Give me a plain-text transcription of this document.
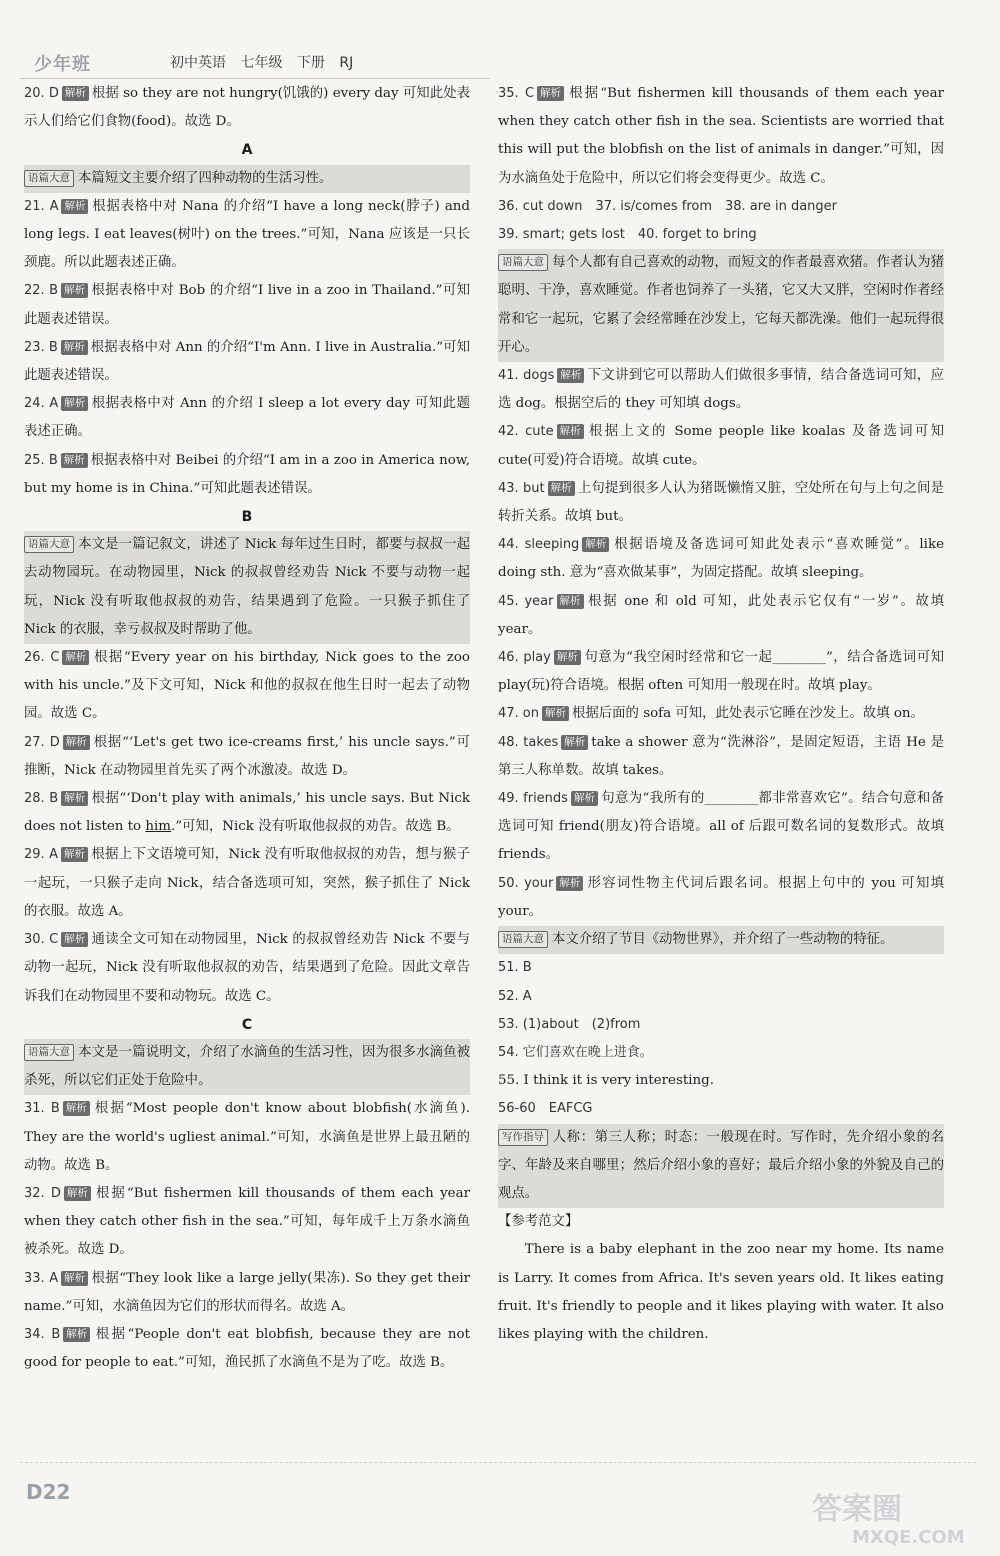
少年班	初中英语 七年级 下册 RJ

20. D 解析 根据 so they are not hungry(饥饿的) every day 可知此处表示人们给它们食物(food)。故选 D。

A

语篇大意 本篇短文主要介绍了四种动物的生活习性。

21. A 解析 根据表格中对 Nana 的介绍“I have a long neck(脖子) and long legs. I eat leaves(树叶) on the trees.”可知，Nana 应该是一只长颈鹿。所以此题表述正确。

22. B 解析 根据表格中对 Bob 的介绍“I live in a zoo in Thailand.”可知此题表述错误。

23. B 解析 根据表格中对 Ann 的介绍“I'm Ann. I live in Australia.”可知此题表述错误。

24. A 解析 根据表格中对 Ann 的介绍 I sleep a lot every day 可知此题表述正确。

25. B 解析 根据表格中对 Beibei 的介绍“I am in a zoo in America now, but my home is in China.”可知此题表述错误。

B

语篇大意 本文是一篇记叙文，讲述了 Nick 每年过生日时，都要与叔叔一起去动物园玩。在动物园里，Nick 的叔叔曾经劝告 Nick 不要与动物一起玩，Nick 没有听取他叔叔的劝告，结果遇到了危险。一只猴子抓住了 Nick 的衣服，幸亏叔叔及时帮助了他。

26. C 解析 根据“Every year on his birthday, Nick goes to the zoo with his uncle.”及下文可知，Nick 和他的叔叔在他生日时一起去了动物园。故选 C。

27. D 解析 根据“‘Let's get two ice-creams first,’ his uncle says.”可推断，Nick 在动物园里首先买了两个冰激凌。故选 D。

28. B 解析 根据“‘Don't play with animals,’ his uncle says. But Nick does not listen to him.”可知，Nick 没有听取他叔叔的劝告。故选 B。

29. A 解析 根据上下文语境可知，Nick 没有听取他叔叔的劝告，想与猴子一起玩，一只猴子走向 Nick，结合备选项可知，突然，猴子抓住了 Nick 的衣服。故选 A。

30. C 解析 通读全文可知在动物园里，Nick 的叔叔曾经劝告 Nick 不要与动物一起玩，Nick 没有听取他叔叔的劝告，结果遇到了危险。因此文章告诉我们在动物园里不要和动物玩。故选 C。

C

语篇大意 本文是一篇说明文，介绍了水滴鱼的生活习性，因为很多水滴鱼被杀死，所以它们正处于危险中。

31. B 解析 根据“Most people don't know about blobfish(水滴鱼). They are the world's ugliest animal.”可知，水滴鱼是世界上最丑陋的动物。故选 B。

32. D 解析 根据“But fishermen kill thousands of them each year when they catch other fish in the sea.”可知，每年成千上万条水滴鱼被杀死。故选 D。

33. A 解析 根据“They look like a large jelly(果冻). So they get their name.”可知，水滴鱼因为它们的形状而得名。故选 A。

34. B 解析 根据“People don't eat blobfish, because they are not good for people to eat.”可知，渔民抓了水滴鱼不是为了吃。故选 B。

35. C 解析 根据“But fishermen kill thousands of them each year when they catch other fish in the sea. Scientists are worried that this will put the blobfish on the list of animals in danger.”可知，因为水滴鱼处于危险中，所以它们将会变得更少。故选 C。

36. cut down　37. is/comes from　38. are in danger

39. smart; gets lost　40. forget to bring

语篇大意 每个人都有自己喜欢的动物，而短文的作者最喜欢猪。作者认为猪聪明、干净，喜欢睡觉。作者也饲养了一头猪，它又大又胖，空闲时作者经常和它一起玩，它累了会经常睡在沙发上，它每天都洗澡。他们一起玩得很开心。

41. dogs 解析 下文讲到它可以帮助人们做很多事情，结合备选词可知，应选 dog。根据空后的 they 可知填 dogs。

42. cute 解析 根据上文的 Some people like koalas 及备选词可知 cute(可爱)符合语境。故填 cute。

43. but 解析 上句提到很多人认为猪既懒惰又脏，空处所在句与上句之间是转折关系。故填 but。

44. sleeping 解析 根据语境及备选词可知此处表示“喜欢睡觉”。like doing sth. 意为“喜欢做某事”，为固定搭配。故填 sleeping。

45. year 解析 根据 one 和 old 可知，此处表示它仅有“一岁”。故填 year。

46. play 解析 句意为“我空闲时经常和它一起________”，结合备选词可知 play(玩)符合语境。根据 often 可知用一般现在时。故填 play。

47. on 解析 根据后面的 sofa 可知，此处表示它睡在沙发上。故填 on。

48. takes 解析 take a shower 意为“洗淋浴”，是固定短语，主语 He 是第三人称单数。故填 takes。

49. friends 解析 句意为“我所有的________都非常喜欢它”。结合句意和备选词可知 friend(朋友)符合语境。all of 后跟可数名词的复数形式。故填 friends。

50. your 解析 形容词性物主代词后跟名词。根据上句中的 you 可知填 your。

语篇大意 本文介绍了节目《动物世界》，并介绍了一些动物的特征。

51. B

52. A

53. (1)about　(2)from

54. 它们喜欢在晚上进食。

55. I think it is very interesting.

56-60　EAFCG

写作指导 人称：第三人称；时态：一般现在时。写作时，先介绍小象的名字、年龄及来自哪里；然后介绍小象的喜好；最后介绍小象的外貌及自己的观点。

【参考范文】

There is a baby elephant in the zoo near my home. Its name is Larry. It comes from Africa. It's seven years old. It likes eating fruit. It's friendly to people and it likes playing with water. It also likes playing with the children.

D22	答案圈
MXQE.COM
